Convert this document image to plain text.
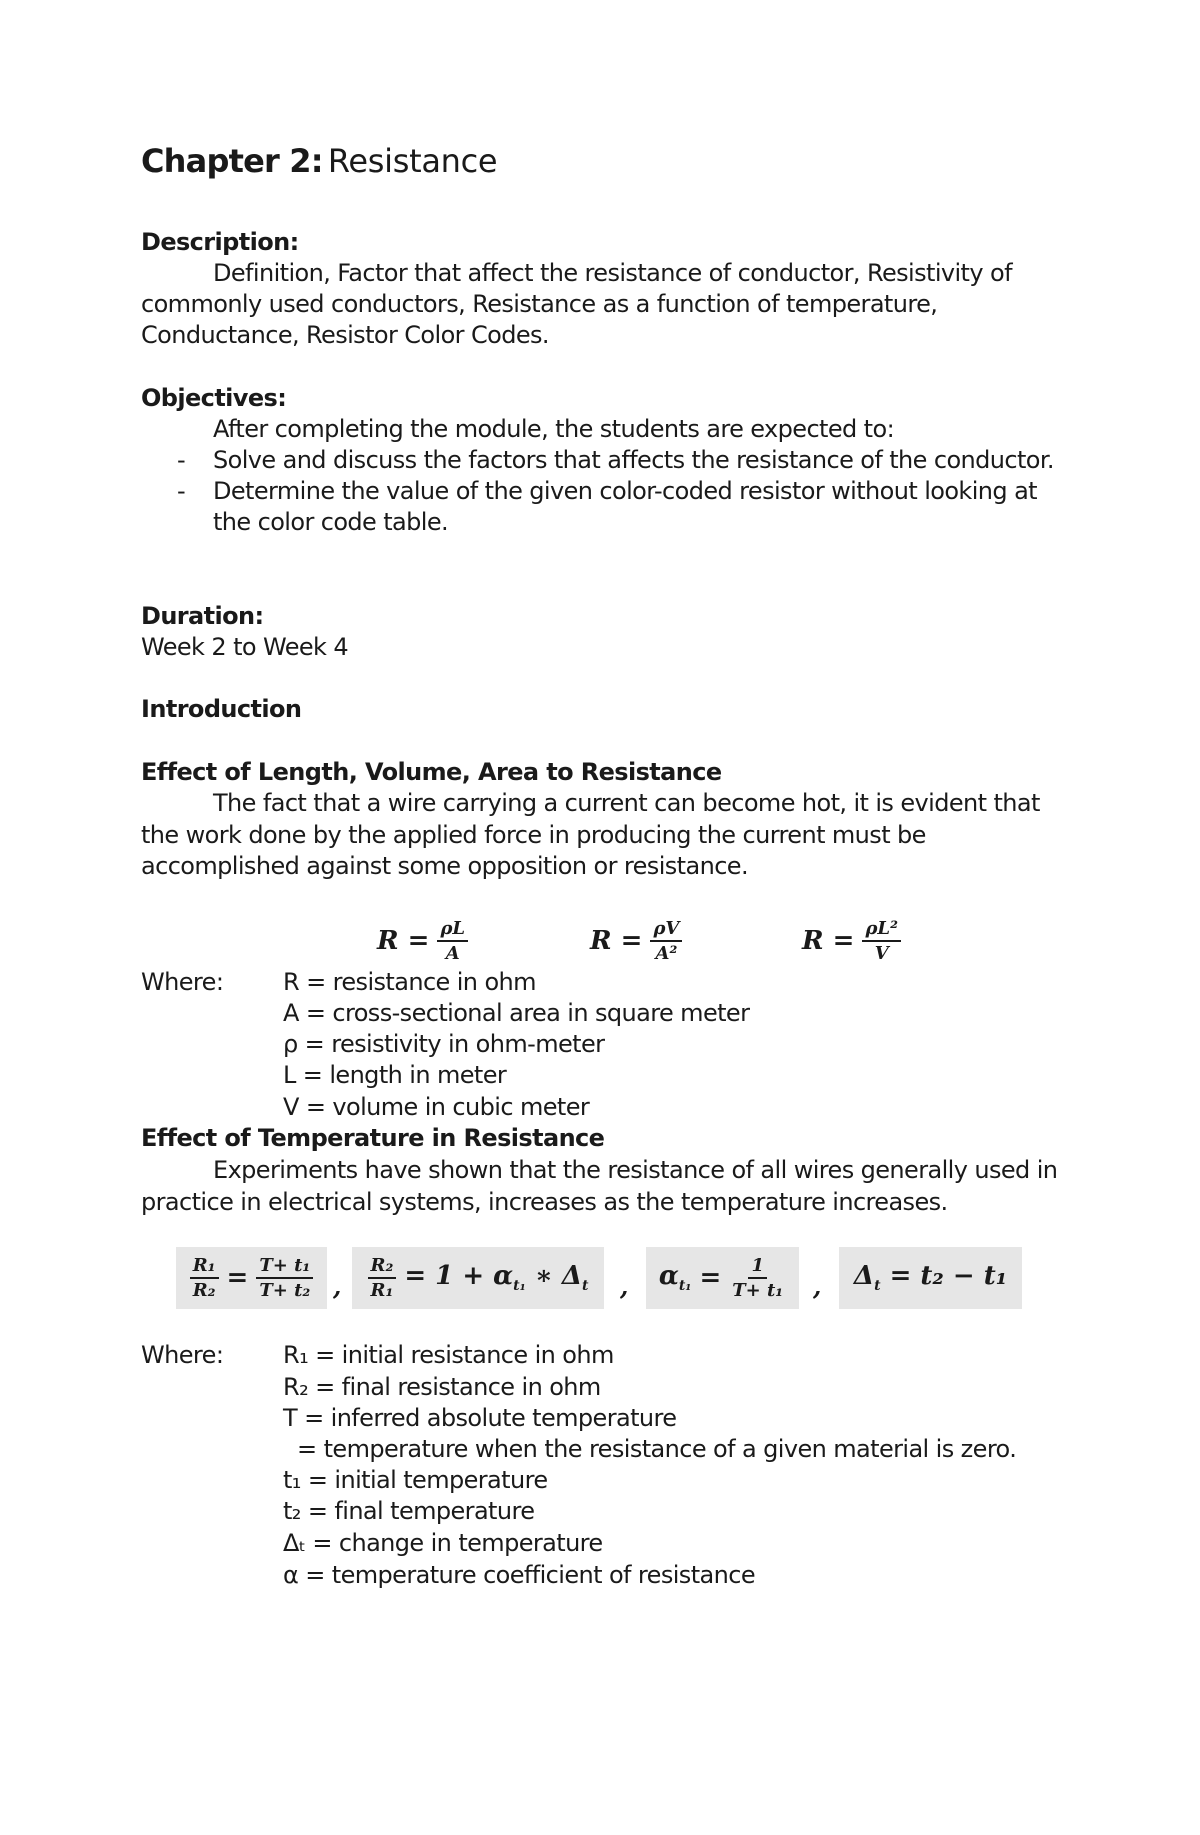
Chapter 2: Resistance
Description:
Definition, Factor that affect the resistance of conductor, Resistivity of
commonly used conductors, Resistance as a function of temperature,
Conductance, Resistor Color Codes.
Objectives:
After completing the module, the students are expected to:
- Solve and discuss the factors that affects the resistance of the conductor.
- Determine the value of the given color-coded resistor without looking at
the color code table.
Duration:
Week 2 to Week 4
Introduction
Effect of Length, Volume, Area to Resistance
The fact that a wire carrying a current can become hot, it is evident that
the work done by the applied force in producing the current must be
accomplished against some opposition or resistance.
$R = \frac{\rho L}{A}$	$R = \frac{\rho V}{\text{A²}}$	$R = \frac{\text{ρL²}}{V}$
Where: R = resistance in ohm
A = cross-sectional area in square meter
ρ = resistivity in ohm-meter
L = length in meter
V = volume in cubic meter
Effect of Temperature in Resistance
Experiments have shown that the resistance of all wires generally used in
practice in electrical systems, increases as the temperature increases.
$\frac{\text{R₁}}{\text{R₂}} = \frac{\text{T+ t₁}}{\text{T+ t₂}}$ , $\frac{\text{R₂}}{\text{R₁}} = 1 + \alpha_{t_1}$ ∗ $\Delta_t$ , $\alpha_{t_1} = \frac{1}{\text{T+ t₁}}$ , $\Delta_t = t_2 - t_1$
Where: R₁ = initial resistance in ohm
R₂ = final resistance in ohm
T = inferred absolute temperature
= temperature when the resistance of a given material is zero.
t₁ = initial temperature
t₂ = final temperature
Δₜ = change in temperature
α = temperature coefficient of resistance
